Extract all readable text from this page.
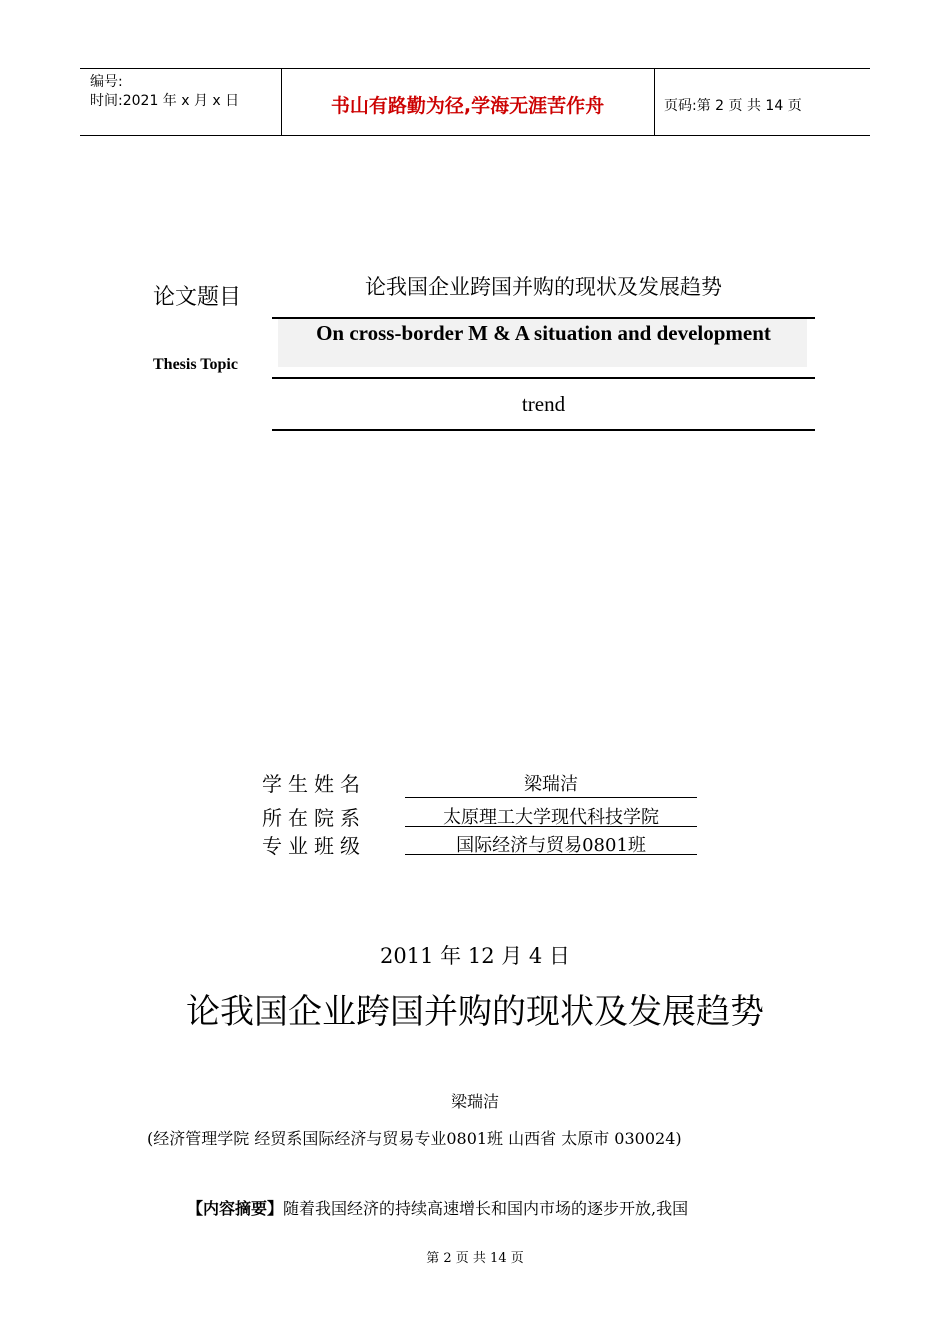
编号:
时间:2021 年 x 月 x 日	书山有路勤为径,学海无涯苦作舟	页码:第 2 页 共 14 页
论文题目
Thesis Topic
论我国企业跨国并购的现状及发展趋势
On cross-border M & A situation and development
trend
学生姓名	梁瑞洁
所在院系	太原理工大学现代科技学院
专业班级	国际经济与贸易0801班
2011 年 12 月 4 日
论我国企业跨国并购的现状及发展趋势
梁瑞洁
(经济管理学院 经贸系国际经济与贸易专业0801班 山西省 太原市 030024)
【内容摘要】随着我国经济的持续高速增长和国内市场的逐步开放,我国
第 2 页 共 14 页
